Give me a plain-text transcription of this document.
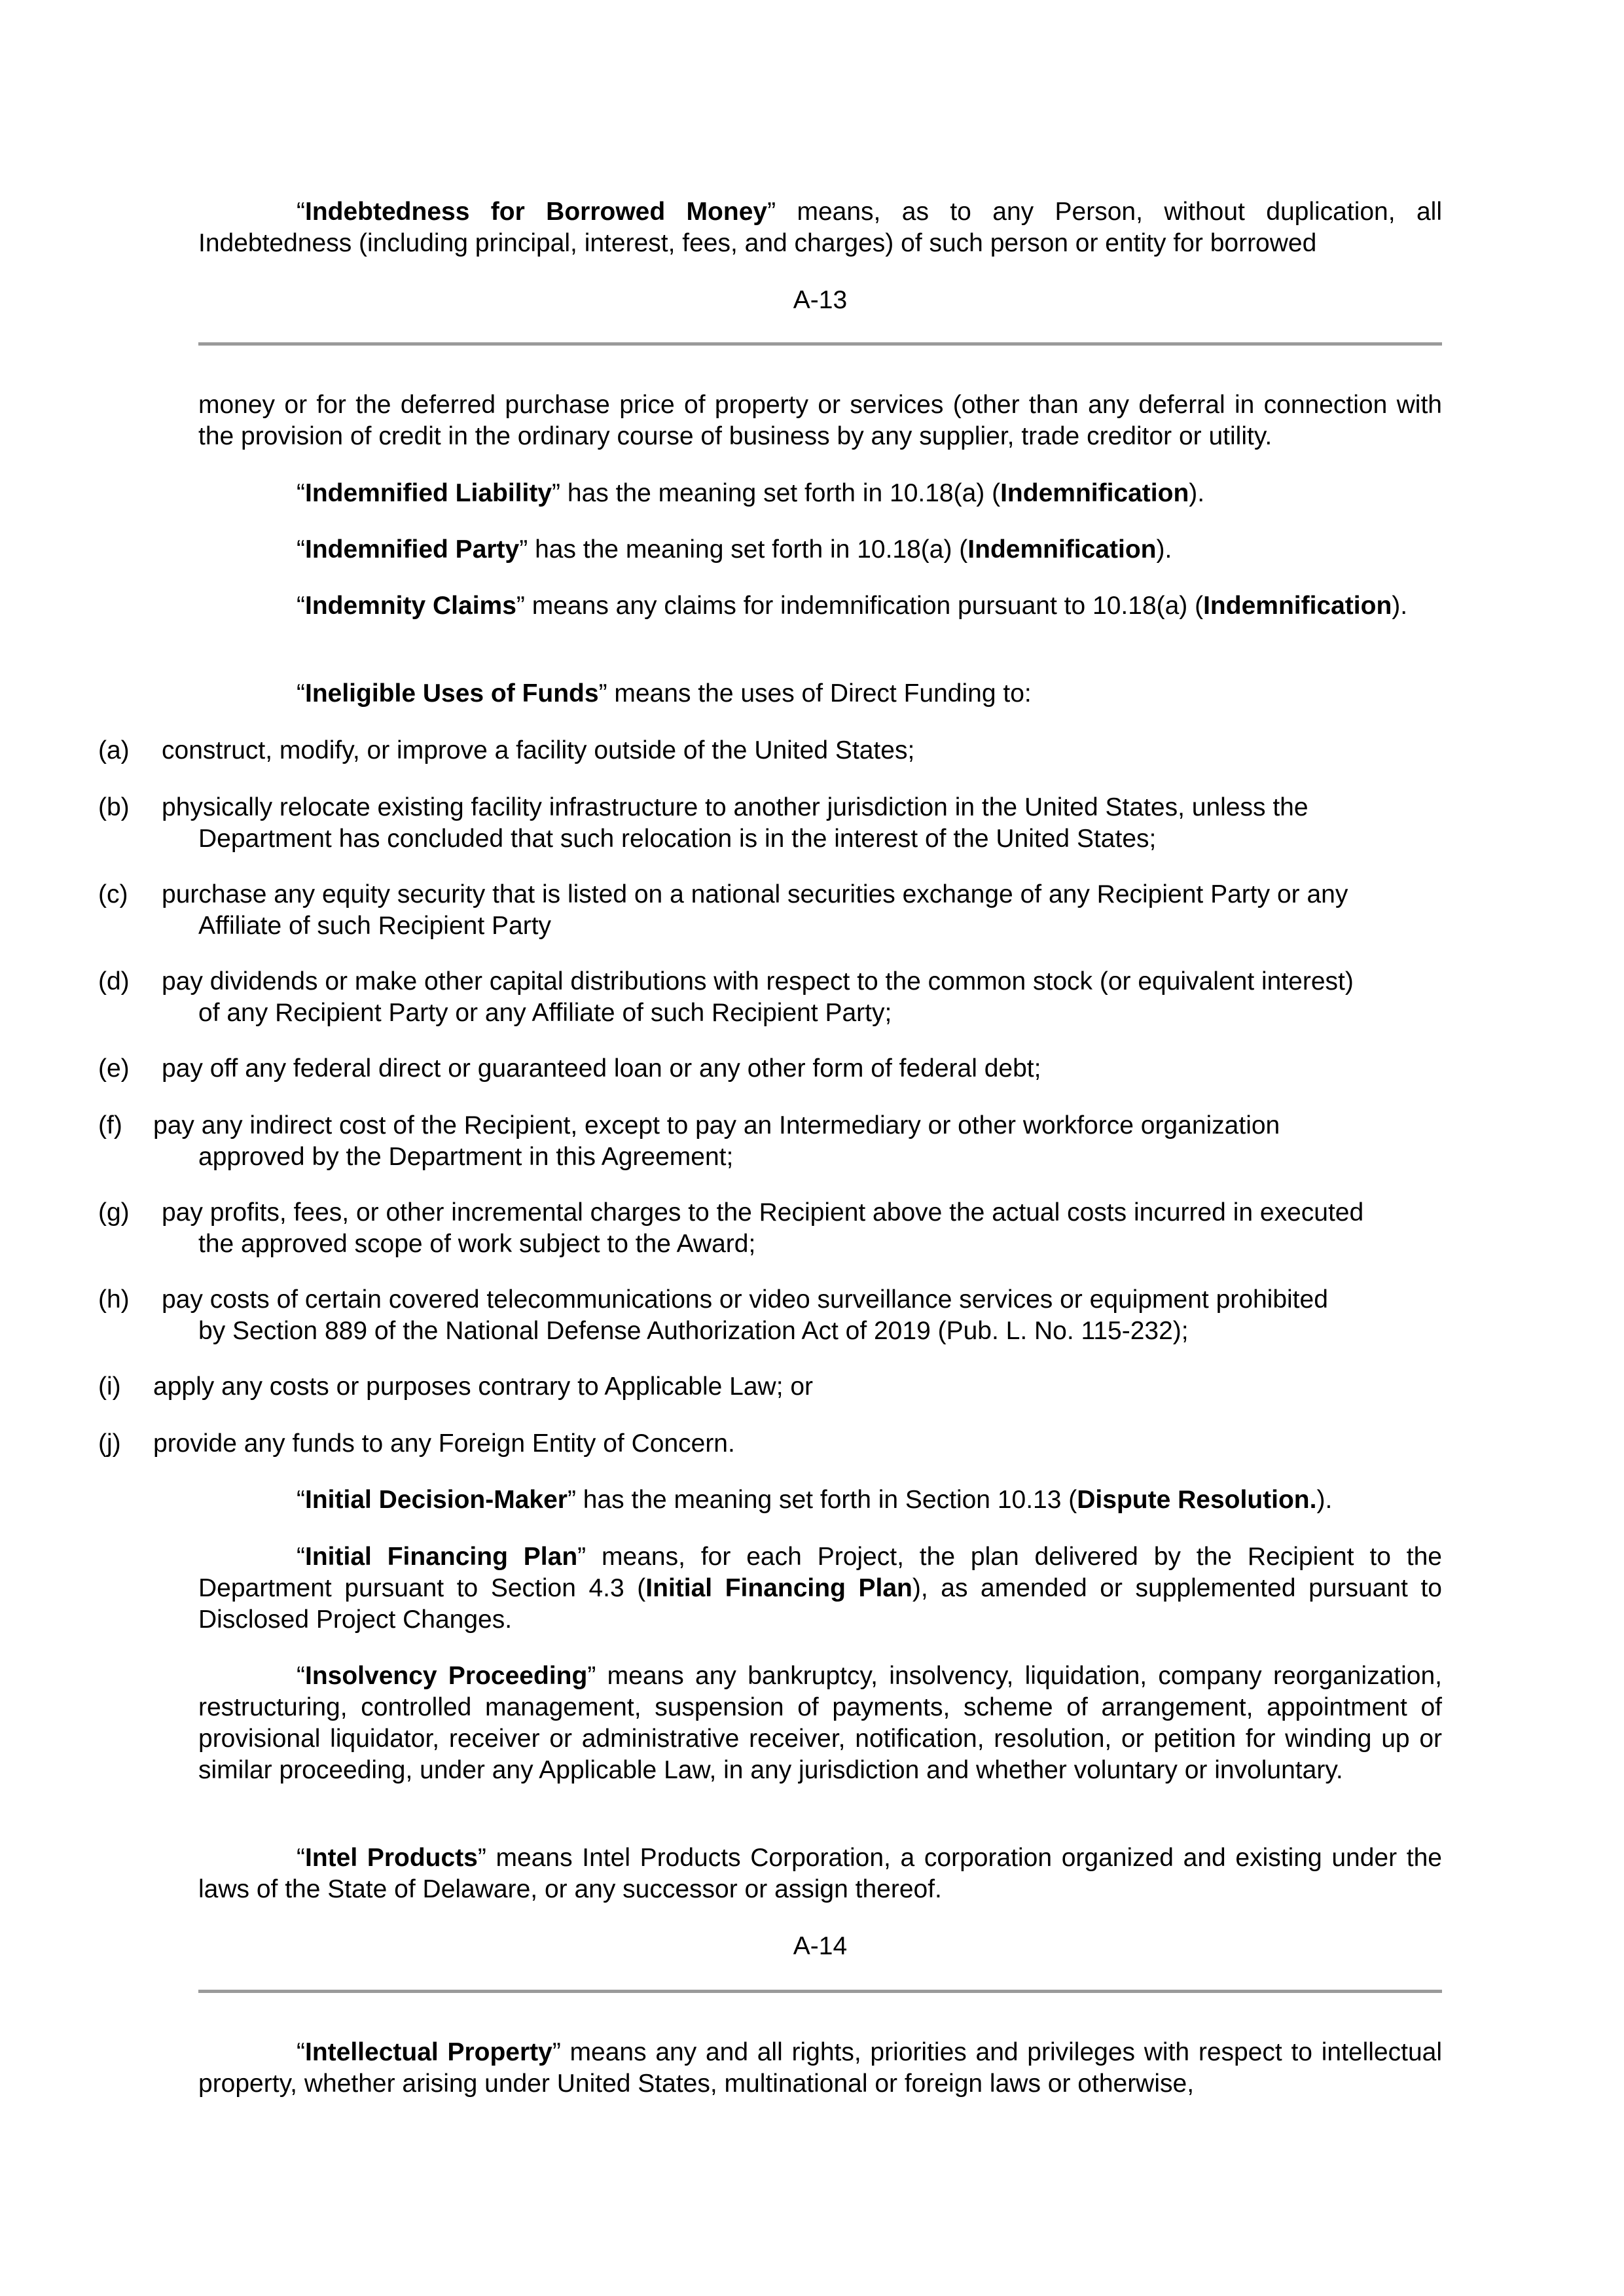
“Indebtedness for Borrowed Money” means, as to any Person, without duplication, all Indebtedness (including principal, interest, fees, and charges) of such person or entity for borrowed

A-13

money or for the deferred purchase price of property or services (other than any deferral in connection with the provision of credit in the ordinary course of business by any supplier, trade creditor or utility.

“Indemnified Liability” has the meaning set forth in 10.18(a) (Indemnification).

“Indemnified Party” has the meaning set forth in 10.18(a) (Indemnification).

“Indemnity Claims” means any claims for indemnification pursuant to 10.18(a) (Indemnification).

“Ineligible Uses of Funds” means the uses of Direct Funding to:

(a) construct, modify, or improve a facility outside of the United States;
(b) physically relocate existing facility infrastructure to another jurisdiction in the United States, unless the
Department has concluded that such relocation is in the interest of the United States;
(c) purchase any equity security that is listed on a national securities exchange of any Recipient Party or any
Affiliate of such Recipient Party
(d) pay dividends or make other capital distributions with respect to the common stock (or equivalent interest)
of any Recipient Party or any Affiliate of such Recipient Party;
(e) pay off any federal direct or guaranteed loan or any other form of federal debt;
(f) pay any indirect cost of the Recipient, except to pay an Intermediary or other workforce organization
approved by the Department in this Agreement;
(g) pay profits, fees, or other incremental charges to the Recipient above the actual costs incurred in executed
the approved scope of work subject to the Award;
(h) pay costs of certain covered telecommunications or video surveillance services or equipment prohibited
by Section 889 of the National Defense Authorization Act of 2019 (Pub. L. No. 115-232);
(i) apply any costs or purposes contrary to Applicable Law; or
(j) provide any funds to any Foreign Entity of Concern.

“Initial Decision-Maker” has the meaning set forth in Section 10.13 (Dispute Resolution.).

“Initial Financing Plan” means, for each Project, the plan delivered by the Recipient to the Department pursuant to Section 4.3 (Initial Financing Plan), as amended or supplemented pursuant to Disclosed Project Changes.

“Insolvency Proceeding” means any bankruptcy, insolvency, liquidation, company reorganization, restructuring, controlled management, suspension of payments, scheme of arrangement, appointment of provisional liquidator, receiver or administrative receiver, notification, resolution, or petition for winding up or similar proceeding, under any Applicable Law, in any jurisdiction and whether voluntary or involuntary.

“Intel Products” means Intel Products Corporation, a corporation organized and existing under the laws of the State of Delaware, or any successor or assign thereof.

A-14

“Intellectual Property” means any and all rights, priorities and privileges with respect to intellectual property, whether arising under United States, multinational or foreign laws or otherwise,
